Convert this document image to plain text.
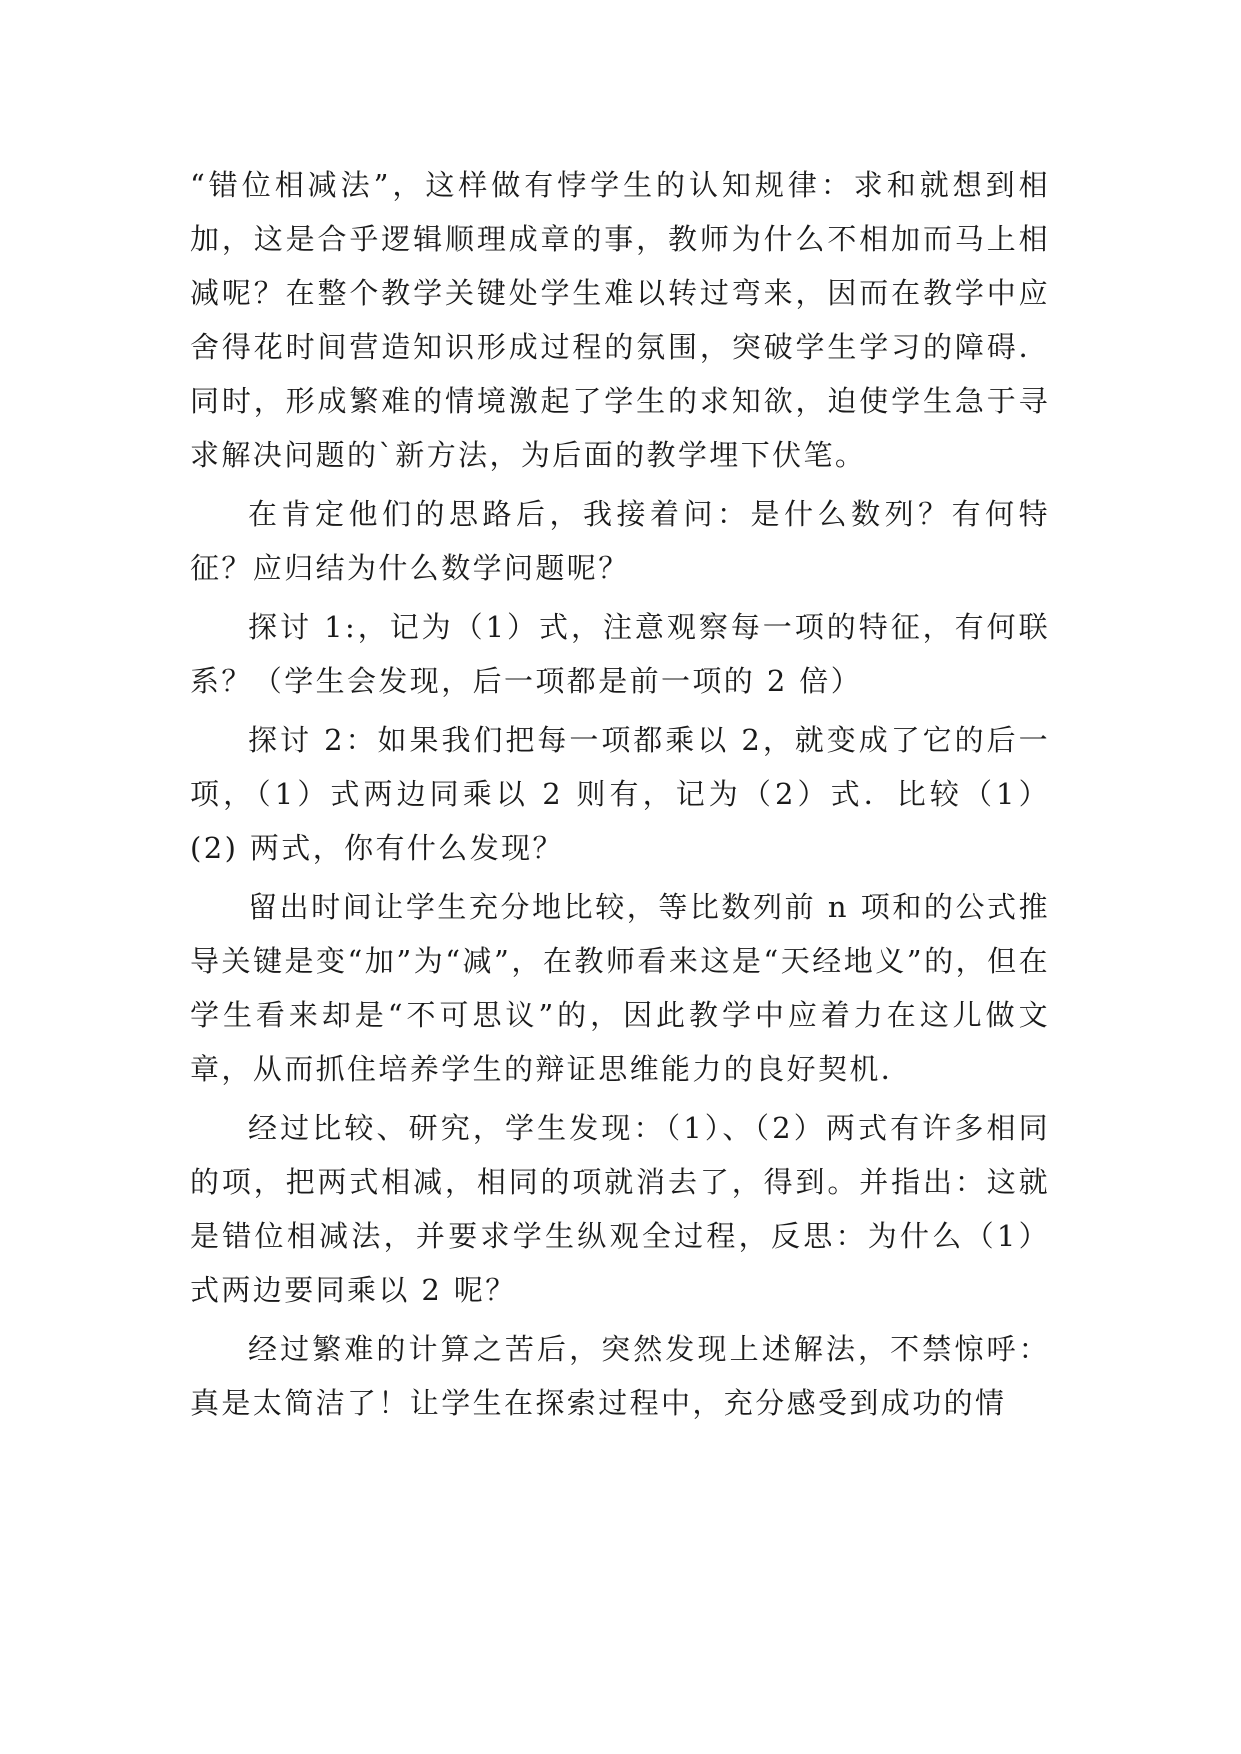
“错位相减法”，这样做有悖学生的认知规律：求和就想到相加，这是合乎逻辑顺理成章的事，教师为什么不相加而马上相减呢？在整个教学关键处学生难以转过弯来，因而在教学中应舍得花时间营造知识形成过程的氛围，突破学生学习的障碍．同时，形成繁难的情境激起了学生的求知欲，迫使学生急于寻求解决问题的`新方法，为后面的教学埋下伏笔。

在肯定他们的思路后，我接着问：是什么数列？有何特征？应归结为什么数学问题呢？

探讨 1:，记为（1）式，注意观察每一项的特征，有何联系？（学生会发现，后一项都是前一项的 2 倍）

探讨 2：如果我们把每一项都乘以 2，就变成了它的后一项，（1）式两边同乘以 2 则有，记为（2）式．比较（1）(2) 两式，你有什么发现？

留出时间让学生充分地比较，等比数列前 n 项和的公式推导关键是变“加”为“减”，在教师看来这是“天经地义”的，但在学生看来却是“不可思议”的，因此教学中应着力在这儿做文章，从而抓住培养学生的辩证思维能力的良好契机．

经过比较、研究，学生发现：（1）、（2）两式有许多相同的项，把两式相减，相同的项就消去了，得到。并指出：这就是错位相减法，并要求学生纵观全过程，反思：为什么（1）式两边要同乘以 2 呢？

经过繁难的计算之苦后，突然发现上述解法，不禁惊呼：真是太简洁了！让学生在探索过程中，充分感受到成功的情
